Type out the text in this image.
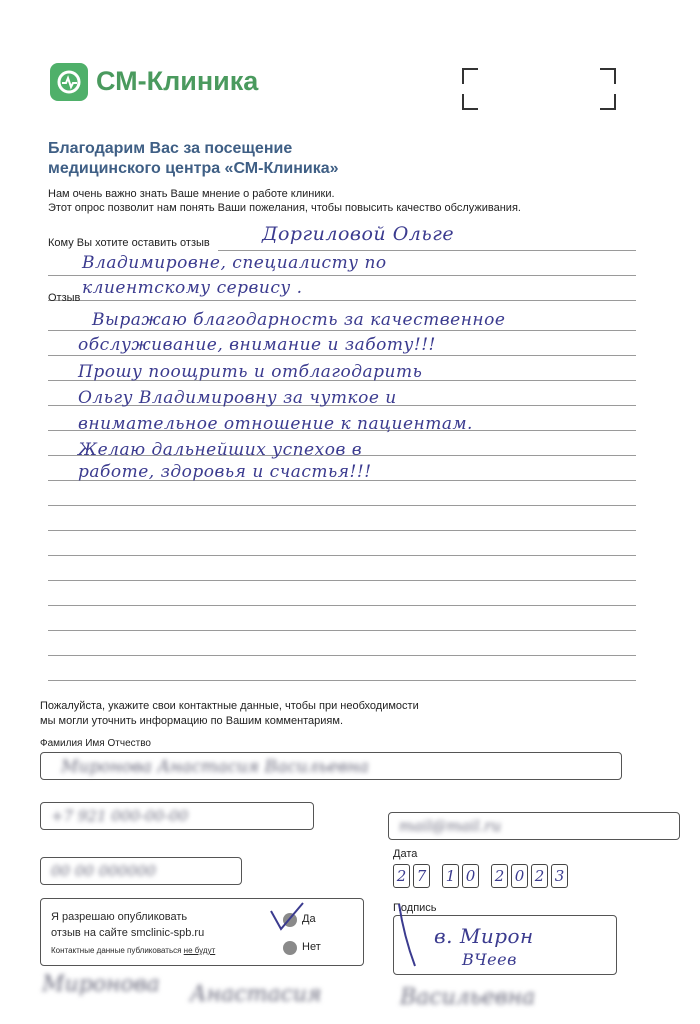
СМ-Клиника
Благодарим Вас за посещение
медицинского центра «СМ-Клиника»
Нам очень важно знать Ваше мнение о работе клиники.
Этот опрос позволит нам понять Ваши пожелания, чтобы повысить качество обслуживания.
Кому Вы хотите оставить отзыв	Доргиловой Ольге
Владимировне, специалисту по
клиентскому сервису .
Отзыв
Выражаю благодарность за качественное
обслуживание, внимание и заботу!!!
Прошу поощрить и отблагодарить
Ольгу Владимировну за чуткое и
внимательное отношение к пациентам.
Желаю дальнейших успехов в
работе, здоровья и счастья!!!
Пожалуйста, укажите свои контактные данные, чтобы при необходимости
мы могли уточнить информацию по Вашим комментариям.
Фамилия Имя Отчество
Миронова Анастасия Васильевна
+7 921 000-00-00
mail@mail.ru
00 00 000000
Дата
2 7 1 0 2 0 2 3
Я разрешаю опубликовать
отзыв на сайте smclinic-spb.ru
Контактные данные публиковаться не будут
Да
Нет
Подпись
в. Мирон
ВЧеев
Миронова Анастасия	Васильевна
